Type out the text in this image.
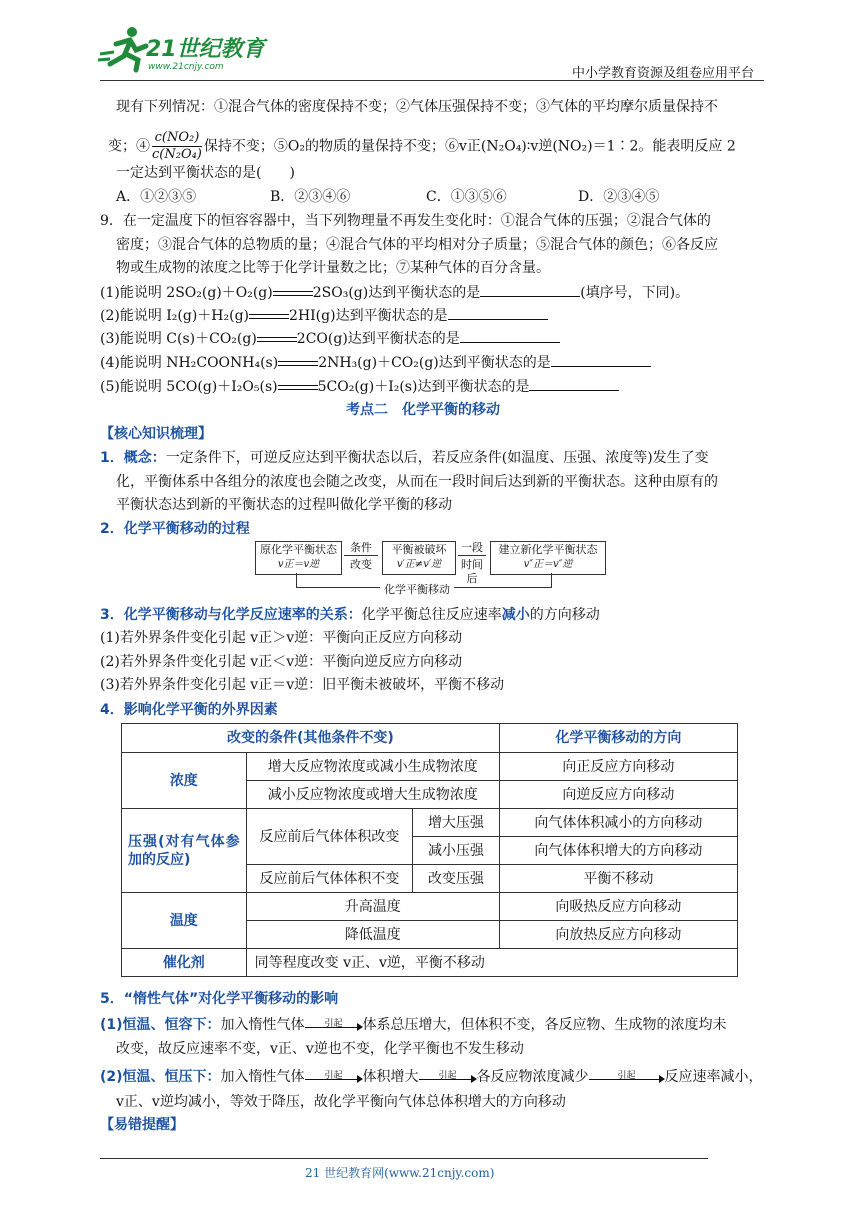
21世纪教育
www.21cnjy.com	中小学教育资源及组卷应用平台
现有下列情况：①混合气体的密度保持不变；②气体压强保持不变；③气体的平均摩尔质量保持不
变；④ $\frac{\text{c(NO₂)}}{\text{c(N₂O₄)}}$ 保持不变；⑤O₂的物质的量保持不变；⑥v正(N₂O₄)∶v逆(NO₂)＝1∶2。能表明反应 2
一定达到平衡状态的是(　　)
A．①②③⑤	B．②③④⑥	C．①③⑤⑥	D．②③④⑤
9．在一定温度下的恒容容器中，当下列物理量不再发生变化时：①混合气体的压强；②混合气体的
密度；③混合气体的总物质的量；④混合气体的平均相对分子质量；⑤混合气体的颜色；⑥各反应
物或生成物的浓度之比等于化学计量数之比；⑦某种气体的百分含量。
(1)能说明 2SO₂(g)＋O₂(g)	2SO₃(g)达到平衡状态的是	(填序号，下同)。
(2)能说明 I₂(g)＋H₂(g)	2HI(g)达到平衡状态的是
(3)能说明 C(s)＋CO₂(g)	2CO(g)达到平衡状态的是
(4)能说明 NH₂COONH₄(s)	2NH₃(g)＋CO₂(g)达到平衡状态的是
(5)能说明 5CO(g)＋I₂O₅(s)	5CO₂(g)＋I₂(s)达到平衡状态的是
考点二　化学平衡的移动
【核心知识梳理】
1．概念：一定条件下，可逆反应达到平衡状态以后，若反应条件(如温度、压强、浓度等)发生了变
化，平衡体系中各组分的浓度也会随之改变，从而在一段时间后达到新的平衡状态。这种由原有的
平衡状态达到新的平衡状态的过程叫做化学平衡的移动
2．化学平衡移动的过程
原化学平衡状态
v正＝v逆
条件
改变
平衡被破坏
v′正≠v′逆
一段
时间后
建立新化学平衡状态
v″正＝v″逆
化学平衡移动
3．化学平衡移动与化学反应速率的关系：化学平衡总往反应速率减小的方向移动
(1)若外界条件变化引起 v正＞v逆：平衡向正反应方向移动
(2)若外界条件变化引起 v正＜v逆：平衡向逆反应方向移动
(3)若外界条件变化引起 v正＝v逆：旧平衡未被破坏，平衡不移动
4．影响化学平衡的外界因素
改变的条件(其他条件不变)			化学平衡移动的方向
浓度	增大反应物浓度或减小生成物浓度		向正反应方向移动
	减小反应物浓度或增大生成物浓度		向逆反应方向移动
压强(对有气体参加的反应)	反应前后气体体积改变	增大压强	向气体体积减小的方向移动
		减小压强	向气体体积增大的方向移动
	反应前后气体体积不变	改变压强	平衡不移动
温度	升高温度		向吸热反应方向移动
	降低温度		向放热反应方向移动
催化剂	同等程度改变 v正、v逆，平衡不移动		
5．“惰性气体”对化学平衡移动的影响
(1)恒温、恒容下：加入惰性气体	引起	体系总压增大，但体积不变，各反应物、生成物的浓度均未
改变，故反应速率不变，v正、v逆也不变，化学平衡也不发生移动
(2)恒温、恒压下：加入惰性气体	引起	体积增大	引起	各反应物浓度减少	引起	反应速率减小，
v正、v逆均减小，等效于降压，故化学平衡向气体总体积增大的方向移动
【易错提醒】
21 世纪教育网(www.21cnjy.com)
